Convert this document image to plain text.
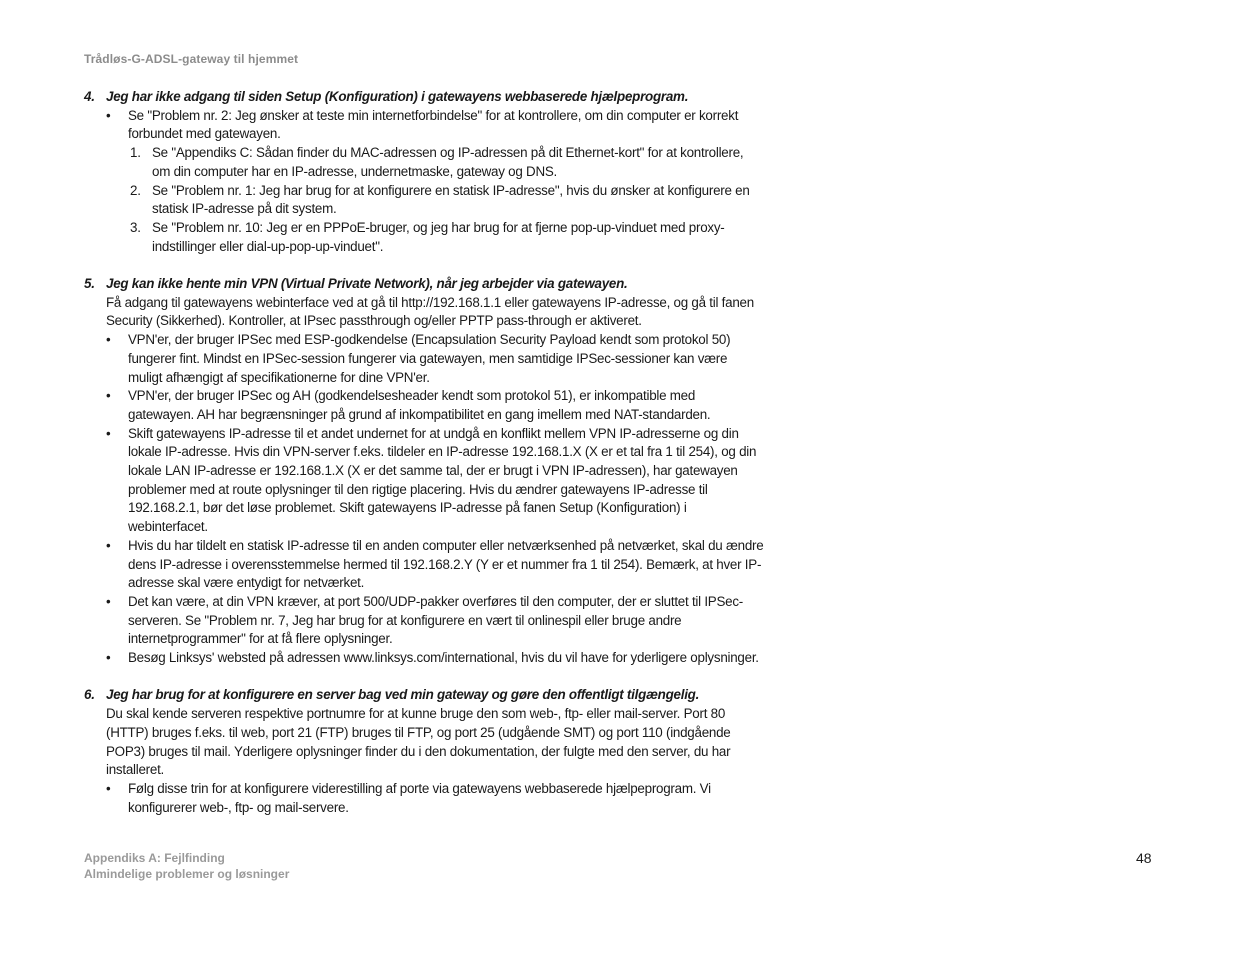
Trådløs-G-ADSL-gateway til hjemmet

4. Jeg har ikke adgang til siden Setup (Konfiguration) i gatewayens webbaserede hjælpeprogram.

• Se "Problem nr. 2: Jeg ønsker at teste min internetforbindelse" for at kontrollere, om din computer er korrekt forbundet med gatewayen.
1. Se "Appendiks C: Sådan finder du MAC-adressen og IP-adressen på dit Ethernet-kort" for at kontrollere, om din computer har en IP-adresse, undernetmaske, gateway og DNS.
2. Se "Problem nr. 1: Jeg har brug for at konfigurere en statisk IP-adresse", hvis du ønsker at konfigurere en statisk IP-adresse på dit system.
3. Se "Problem nr. 10: Jeg er en PPPoE-bruger, og jeg har brug for at fjerne pop-up-vinduet med proxy-indstillinger eller dial-up-pop-up-vinduet".

5. Jeg kan ikke hente min VPN (Virtual Private Network), når jeg arbejder via gatewayen.

Få adgang til gatewayens webinterface ved at gå til http://192.168.1.1 eller gatewayens IP-adresse, og gå til fanen Security (Sikkerhed). Kontroller, at IPsec passthrough og/eller PPTP pass-through er aktiveret.

• VPN'er, der bruger IPSec med ESP-godkendelse (Encapsulation Security Payload kendt som protokol 50) fungerer fint. Mindst en IPSec-session fungerer via gatewayen, men samtidige IPSec-sessioner kan være muligt afhængigt af specifikationerne for dine VPN'er.
• VPN'er, der bruger IPSec og AH (godkendelsesheader kendt som protokol 51), er inkompatible med gatewayen. AH har begrænsninger på grund af inkompatibilitet en gang imellem med NAT-standarden.
• Skift gatewayens IP-adresse til et andet undernet for at undgå en konflikt mellem VPN IP-adresserne og din lokale IP-adresse. Hvis din VPN-server f.eks. tildeler en IP-adresse 192.168.1.X (X er et tal fra 1 til 254), og din lokale LAN IP-adresse er 192.168.1.X (X er det samme tal, der er brugt i VPN IP-adressen), har gatewayen problemer med at route oplysninger til den rigtige placering. Hvis du ændrer gatewayens IP-adresse til 192.168.2.1, bør det løse problemet. Skift gatewayens IP-adresse på fanen Setup (Konfiguration) i webinterfacet.
• Hvis du har tildelt en statisk IP-adresse til en anden computer eller netværksenhed på netværket, skal du ændre dens IP-adresse i overensstemmelse hermed til 192.168.2.Y (Y er et nummer fra 1 til 254). Bemærk, at hver IP-adresse skal være entydigt for netværket.
• Det kan være, at din VPN kræver, at port 500/UDP-pakker overføres til den computer, der er sluttet til IPSec-serveren. Se "Problem nr. 7, Jeg har brug for at konfigurere en vært til onlinespil eller bruge andre internetprogrammer" for at få flere oplysninger.
• Besøg Linksys' websted på adressen www.linksys.com/international, hvis du vil have for yderligere oplysninger.

6. Jeg har brug for at konfigurere en server bag ved min gateway og gøre den offentligt tilgængelig.

Du skal kende serveren respektive portnumre for at kunne bruge den som web-, ftp- eller mail-server. Port 80 (HTTP) bruges f.eks. til web, port 21 (FTP) bruges til FTP, og port 25 (udgående SMT) og port 110 (indgående POP3) bruges til mail. Yderligere oplysninger finder du i den dokumentation, der fulgte med den server, du har installeret.

• Følg disse trin for at konfigurere viderestilling af porte via gatewayens webbaserede hjælpeprogram. Vi konfigurerer web-, ftp- og mail-servere.
Appendiks A: Fejlfinding
Almindelige problemer og løsninger
48
